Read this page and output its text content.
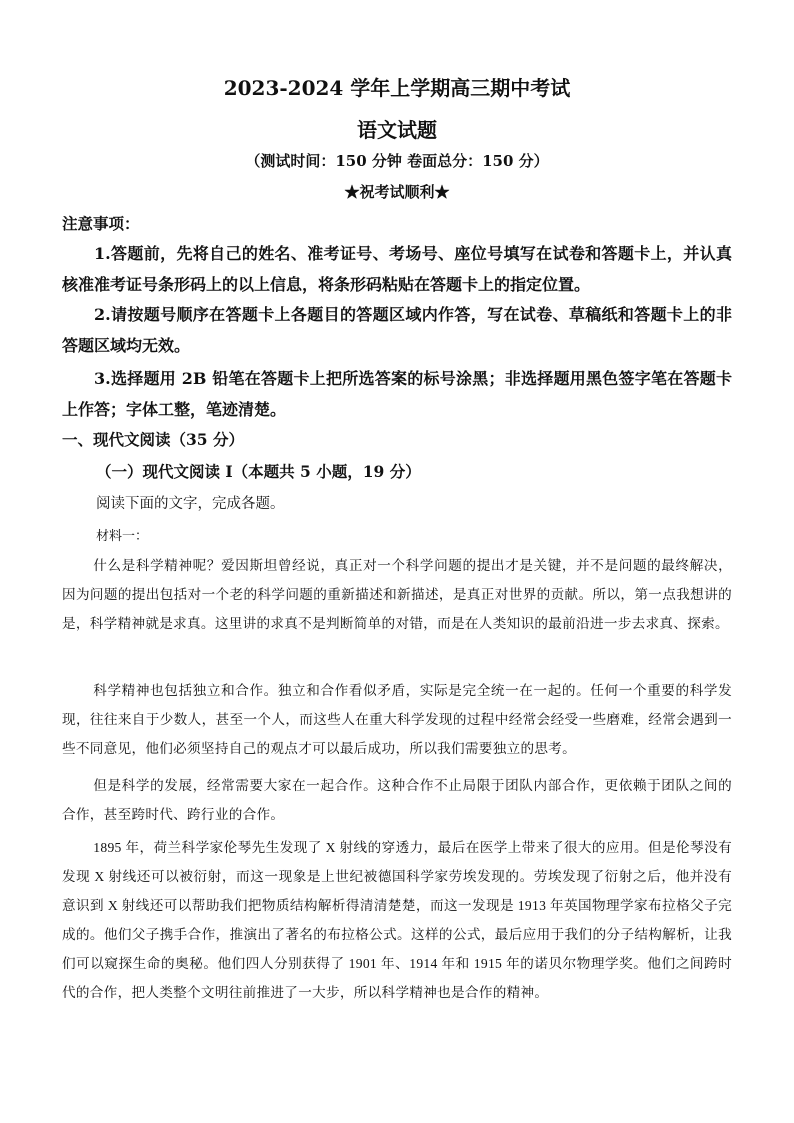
2023-2024 学年上学期高三期中考试
语文试题
（测试时间：150 分钟 卷面总分：150 分）
★祝考试顺利★
注意事项：
1.答题前，先将自己的姓名、准考证号、考场号、座位号填写在试卷和答题卡上，并认真核准准考证号条形码上的以上信息，将条形码粘贴在答题卡上的指定位置。
2.请按题号顺序在答题卡上各题目的答题区域内作答，写在试卷、草稿纸和答题卡上的非答题区域均无效。
3.选择题用 2B 铅笔在答题卡上把所选答案的标号涂黑；非选择题用黑色签字笔在答题卡上作答；字体工整，笔迹清楚。
一、现代文阅读（35 分）
（一）现代文阅读 I（本题共 5 小题，19 分）
阅读下面的文字，完成各题。
材料一：
什么是科学精神呢？爱因斯坦曾经说，真正对一个科学问题的提出才是关键，并不是问题的最终解决，因为问题的提出包括对一个老的科学问题的重新描述和新描述，是真正对世界的贡献。所以，第一点我想讲的是，科学精神就是求真。这里讲的求真不是判断简单的对错，而是在人类知识的最前沿进一步去求真、探索。
科学精神也包括独立和合作。独立和合作看似矛盾，实际是完全统一在一起的。任何一个重要的科学发现，往往来自于少数人，甚至一个人，而这些人在重大科学发现的过程中经常会经受一些磨难，经常会遇到一些不同意见，他们必须坚持自己的观点才可以最后成功，所以我们需要独立的思考。
但是科学的发展，经常需要大家在一起合作。这种合作不止局限于团队内部合作，更依赖于团队之间的合作，甚至跨时代、跨行业的合作。
1895 年，荷兰科学家伦琴先生发现了 X 射线的穿透力，最后在医学上带来了很大的应用。但是伦琴没有发现 X 射线还可以被衍射，而这一现象是上世纪被德国科学家劳埃发现的。劳埃发现了衍射之后，他并没有意识到 X 射线还可以帮助我们把物质结构解析得清清楚楚，而这一发现是 1913 年英国物理学家布拉格父子完成的。他们父子携手合作，推演出了著名的布拉格公式。这样的公式，最后应用于我们的分子结构解析，让我们可以窥探生命的奥秘。他们四人分别获得了 1901 年、1914 年和 1915 年的诺贝尔物理学奖。他们之间跨时代的合作，把人类整个文明往前推进了一大步，所以科学精神也是合作的精神。
